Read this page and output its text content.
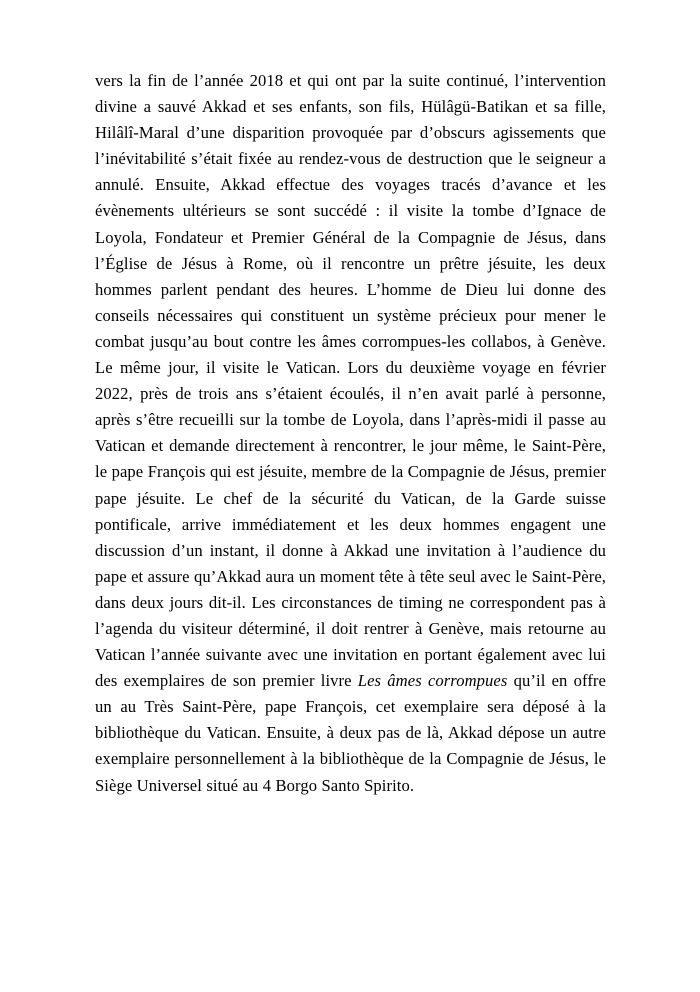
vers la fin de l’année 2018 et qui ont par la suite continué, l’intervention divine a sauvé Akkad et ses enfants, son fils, Hülâgü-Batikan et sa fille, Hilâlî-Maral d’une disparition provoquée par d’obscurs agissements que l’inévitabilité s’était fixée au rendez-vous de destruction que le seigneur a annulé. Ensuite, Akkad effectue des voyages tracés d’avance et les évènements ultérieurs se sont succédé : il visite la tombe d’Ignace de Loyola, Fondateur et Premier Général de la Compagnie de Jésus, dans l’Église de Jésus à Rome, où il rencontre un prêtre jésuite, les deux hommes parlent pendant des heures. L’homme de Dieu lui donne des conseils nécessaires qui constituent un système précieux pour mener le combat jusqu’au bout contre les âmes corrompues-les collabos, à Genève. Le même jour, il visite le Vatican. Lors du deuxième voyage en février 2022, près de trois ans s’étaient écoulés, il n’en avait parlé à personne, après s’être recueilli sur la tombe de Loyola, dans l’après-midi il passe au Vatican et demande directement à rencontrer, le jour même, le Saint-Père, le pape François qui est jésuite, membre de la Compagnie de Jésus, premier pape jésuite. Le chef de la sécurité du Vatican, de la Garde suisse pontificale, arrive immédiatement et les deux hommes engagent une discussion d’un instant, il donne à Akkad une invitation à l’audience du pape et assure qu’Akkad aura un moment tête à tête seul avec le Saint-Père, dans deux jours dit-il. Les circonstances de timing ne correspondent pas à l’agenda du visiteur déterminé, il doit rentrer à Genève, mais retourne au Vatican l’année suivante avec une invitation en portant également avec lui des exemplaires de son premier livre Les âmes corrompues qu’il en offre un au Très Saint-Père, pape François, cet exemplaire sera déposé à la bibliothèque du Vatican. Ensuite, à deux pas de là, Akkad dépose un autre exemplaire personnellement à la bibliothèque de la Compagnie de Jésus, le Siège Universel situé au 4 Borgo Santo Spirito.
